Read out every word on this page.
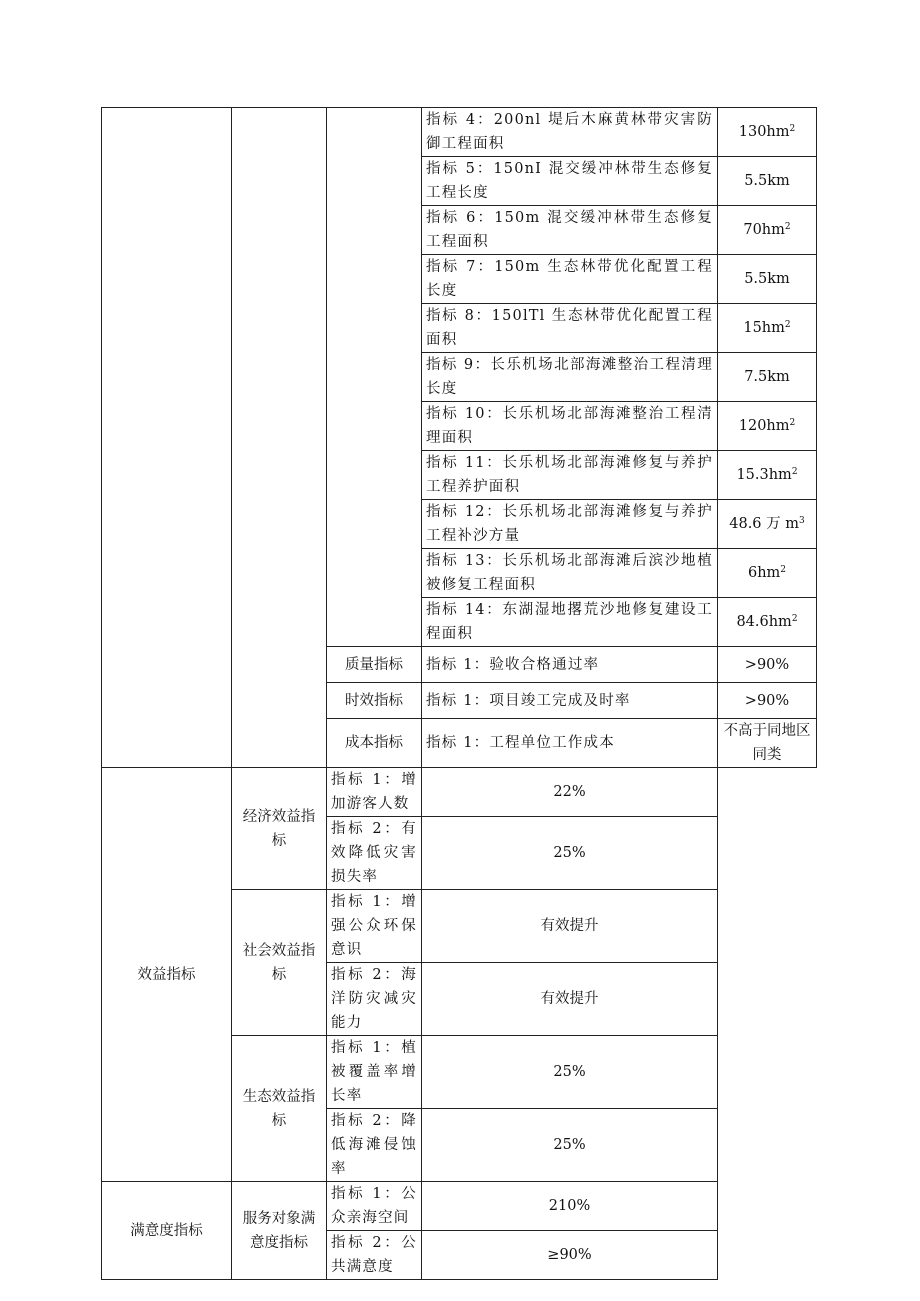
			指标 4：200nl 堤后木麻黄林带灾害防御工程面积	$130hm^2$
			指标 5：150nI 混交缓冲林带生态修复工程长度	5.5km
			指标 6：150m 混交缓冲林带生态修复工程面积	$70hm^2$
			指标 7：150m 生态林带优化配置工程长度	5.5km
			指标 8：150lTl 生态林带优化配置工程面积	$15hm^2$
			指标 9：长乐机场北部海滩整治工程清理长度	7.5km
			指标 10：长乐机场北部海滩整治工程清理面积	$120hm^2$
			指标 11：长乐机场北部海滩修复与养护工程养护面积	$15.3hm^2$
			指标 12：长乐机场北部海滩修复与养护工程补沙方量	48.6 万 $m^3$
			指标 13：长乐机场北部海滩后滨沙地植被修复工程面积	$6hm^2$
			指标 14：东湖湿地撂荒沙地修复建设工程面积	$84.6hm^2$
		质量指标	指标 1：验收合格通过率	>90%
		时效指标	指标 1：项目竣工完成及时率	>90%
		成本指标	指标 1：工程单位工作成本	不高于同地区同类
效益指标	经济效益指标	指标 1：增加游客人数	22%	
		指标 2：有效降低灾害损失率	25%	
	社会效益指标	指标 1：增强公众环保意识	有效提升	
		指标 2：海洋防灾减灾能力	有效提升	
	生态效益指标	指标 1：植被覆盖率增长率	25%	
		指标 2：降低海滩侵蚀率	25%	
满意度指标	服务对象满意度指标	指标 1：公众亲海空间	210%	
		指标 2：公共满意度	≥90%	
